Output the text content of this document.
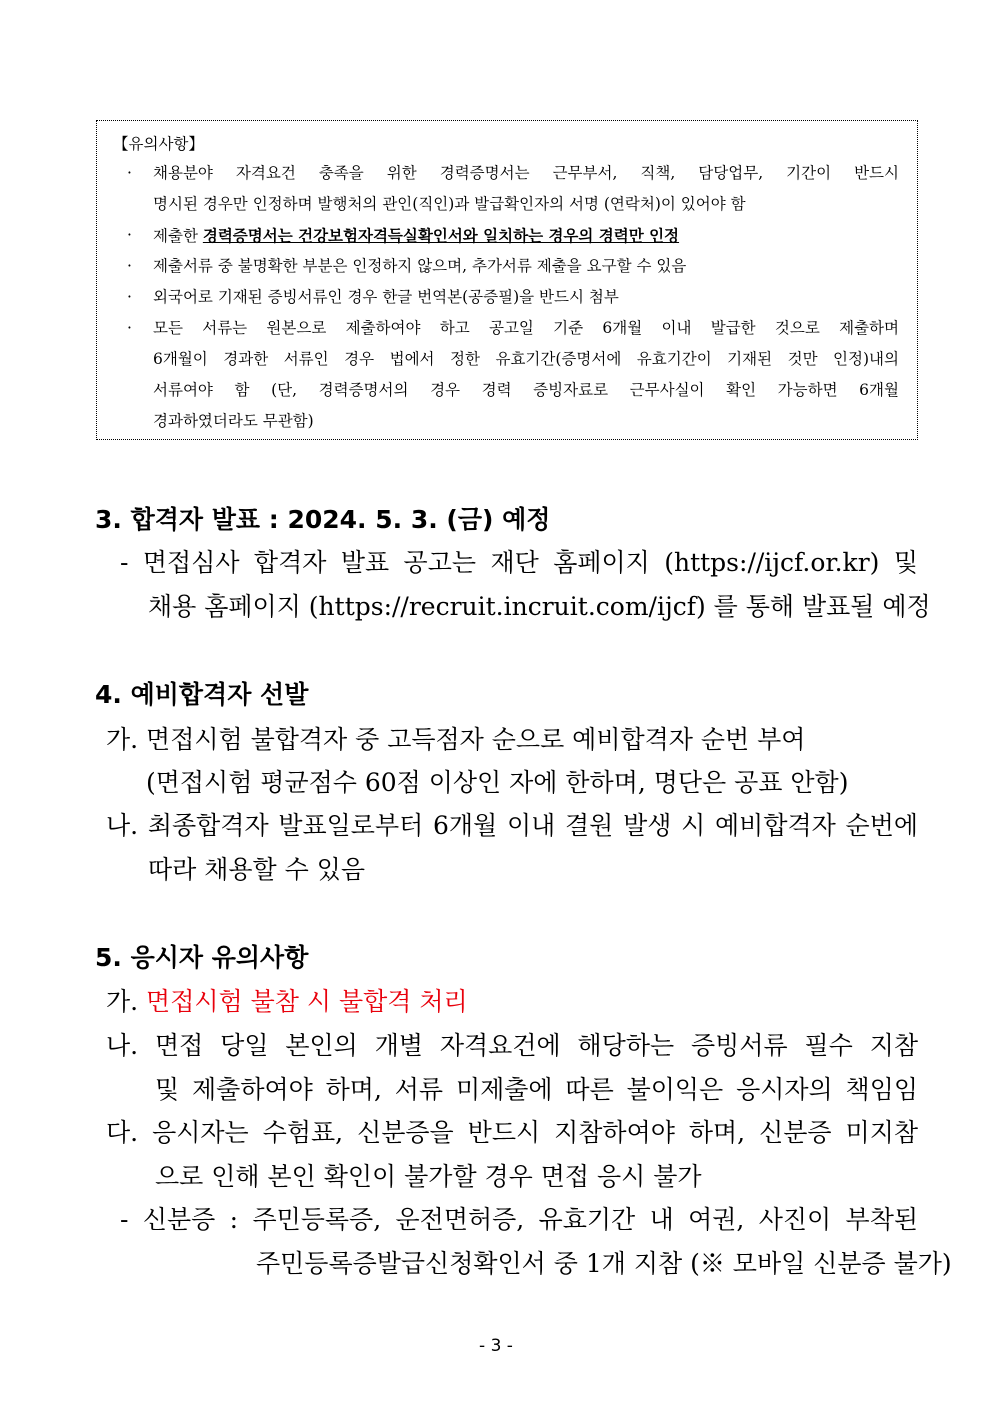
【유의사항】
· 채용분야 자격요건 충족을 위한 경력증명서는 근무부서, 직책, 담당업무, 기간이 반드시
명시된 경우만 인정하며 발행처의 관인(직인)과 발급확인자의 서명 (연락처)이 있어야 함
· 제출한 경력증명서는 건강보험자격득실확인서와 일치하는 경우의 경력만 인정
· 제출서류 중 불명확한 부분은 인정하지 않으며, 추가서류 제출을 요구할 수 있음
· 외국어로 기재된 증빙서류인 경우 한글 번역본(공증필)을 반드시 첨부
· 모든 서류는 원본으로 제출하여야 하고 공고일 기준 6개월 이내 발급한 것으로 제출하며
6개월이 경과한 서류인 경우 법에서 정한 유효기간(증명서에 유효기간이 기재된 것만 인정)내의
서류여야 함 (단, 경력증명서의 경우 경력 증빙자료로 근무사실이 확인 가능하면 6개월
경과하였더라도 무관함)
3. 합격자 발표 : 2024. 5. 3. (금) 예정
- 면접심사 합격자 발표 공고는 재단 홈페이지 (https://ijcf.or.kr) 및
채용 홈페이지 (https://recruit.incruit.com/ijcf) 를 통해 발표될 예정
4. 예비합격자 선발
가. 면접시험 불합격자 중 고득점자 순으로 예비합격자 순번 부여
(면접시험 평균점수 60점 이상인 자에 한하며, 명단은 공표 안함)
나. 최종합격자 발표일로부터 6개월 이내 결원 발생 시 예비합격자 순번에
따라 채용할 수 있음
5. 응시자 유의사항
가. 면접시험 불참 시 불합격 처리
나. 면접 당일 본인의 개별 자격요건에 해당하는 증빙서류 필수 지참
및 제출하여야 하며, 서류 미제출에 따른 불이익은 응시자의 책임임
다. 응시자는 수험표, 신분증을 반드시 지참하여야 하며, 신분증 미지참
으로 인해 본인 확인이 불가할 경우 면접 응시 불가
- 신분증 : 주민등록증, 운전면허증, 유효기간 내 여권, 사진이 부착된
주민등록증발급신청확인서 중 1개 지참 (※ 모바일 신분증 불가)
- 3 -
